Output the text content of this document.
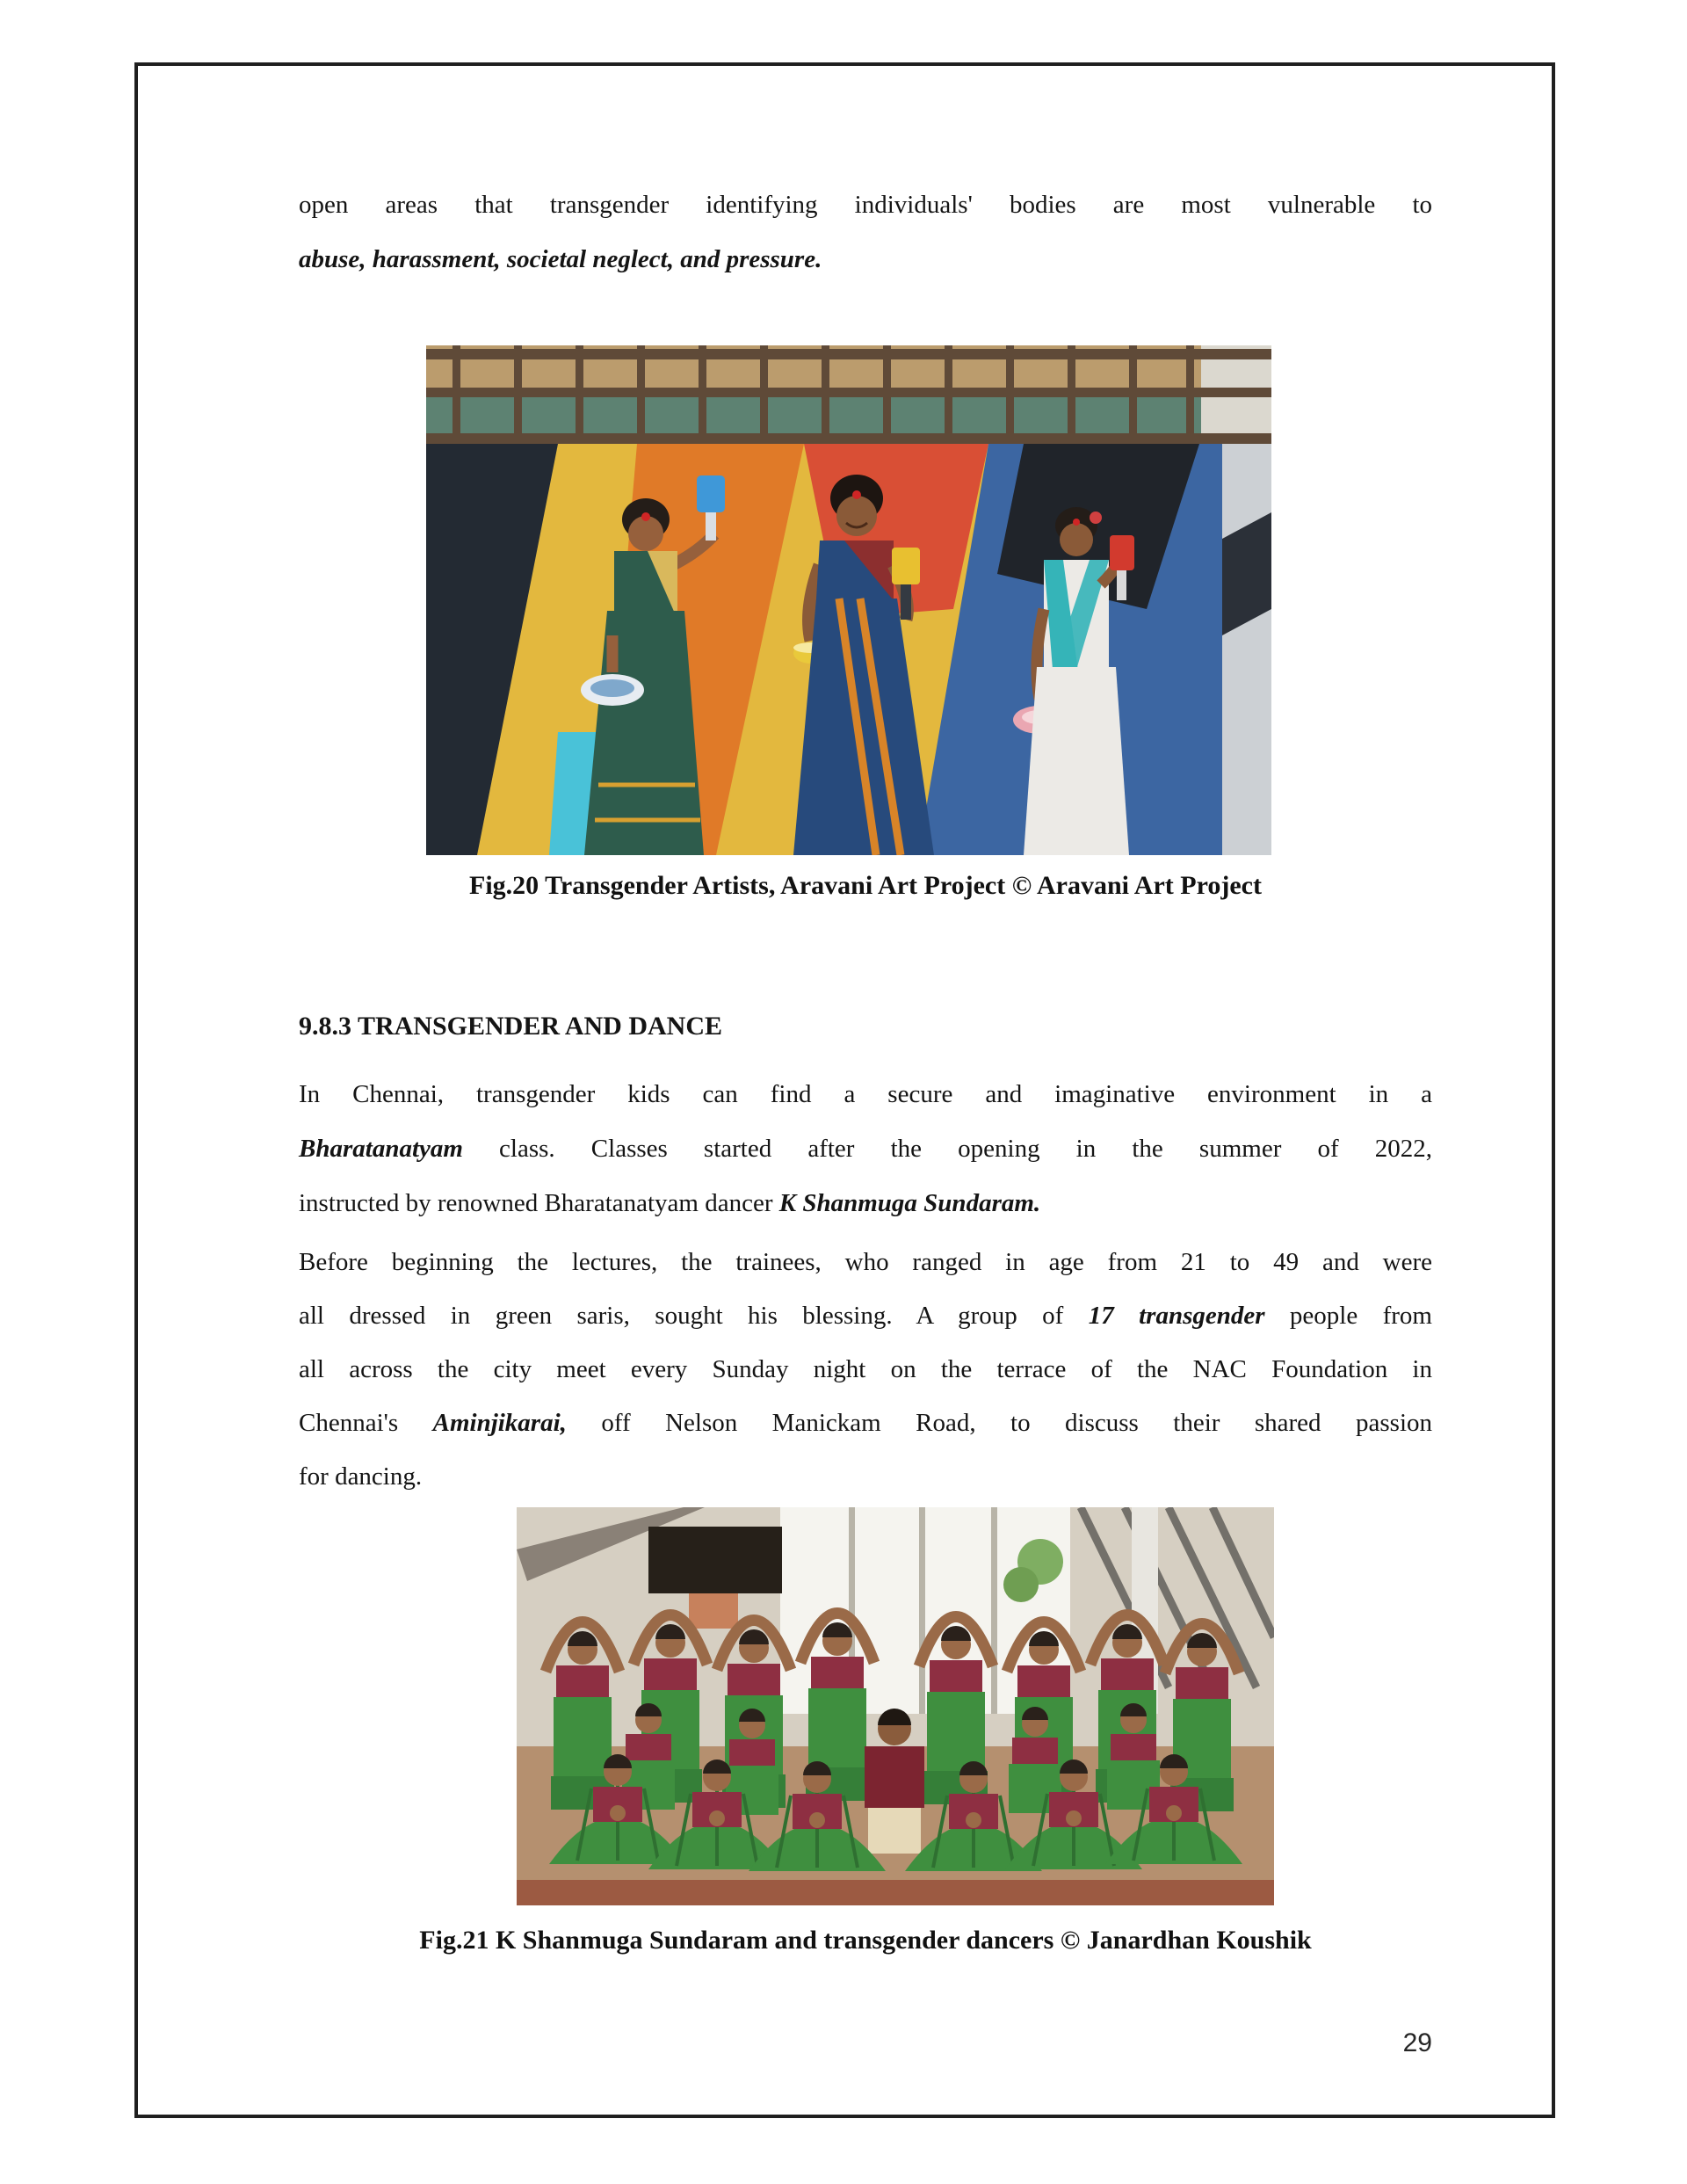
open areas that transgender identifying individuals' bodies are most vulnerable to
abuse, harassment, societal neglect, and pressure.
Fig.20 Transgender Artists, Aravani Art Project © Aravani Art Project
9.8.3 TRANSGENDER AND DANCE
In Chennai, transgender kids can find a secure and imaginative environment in a
Bharatanatyam class. Classes started after the opening in the summer of 2022,
instructed by renowned Bharatanatyam dancer K Shanmuga Sundaram.
Before beginning the lectures, the trainees, who ranged in age from 21 to 49 and were
all dressed in green saris, sought his blessing. A group of 17 transgender people from
all across the city meet every Sunday night on the terrace of the NAC Foundation in
Chennai's Aminjikarai, off Nelson Manickam Road, to discuss their shared passion
for dancing.
Fig.21 K Shanmuga Sundaram and transgender dancers © Janardhan Koushik
29
